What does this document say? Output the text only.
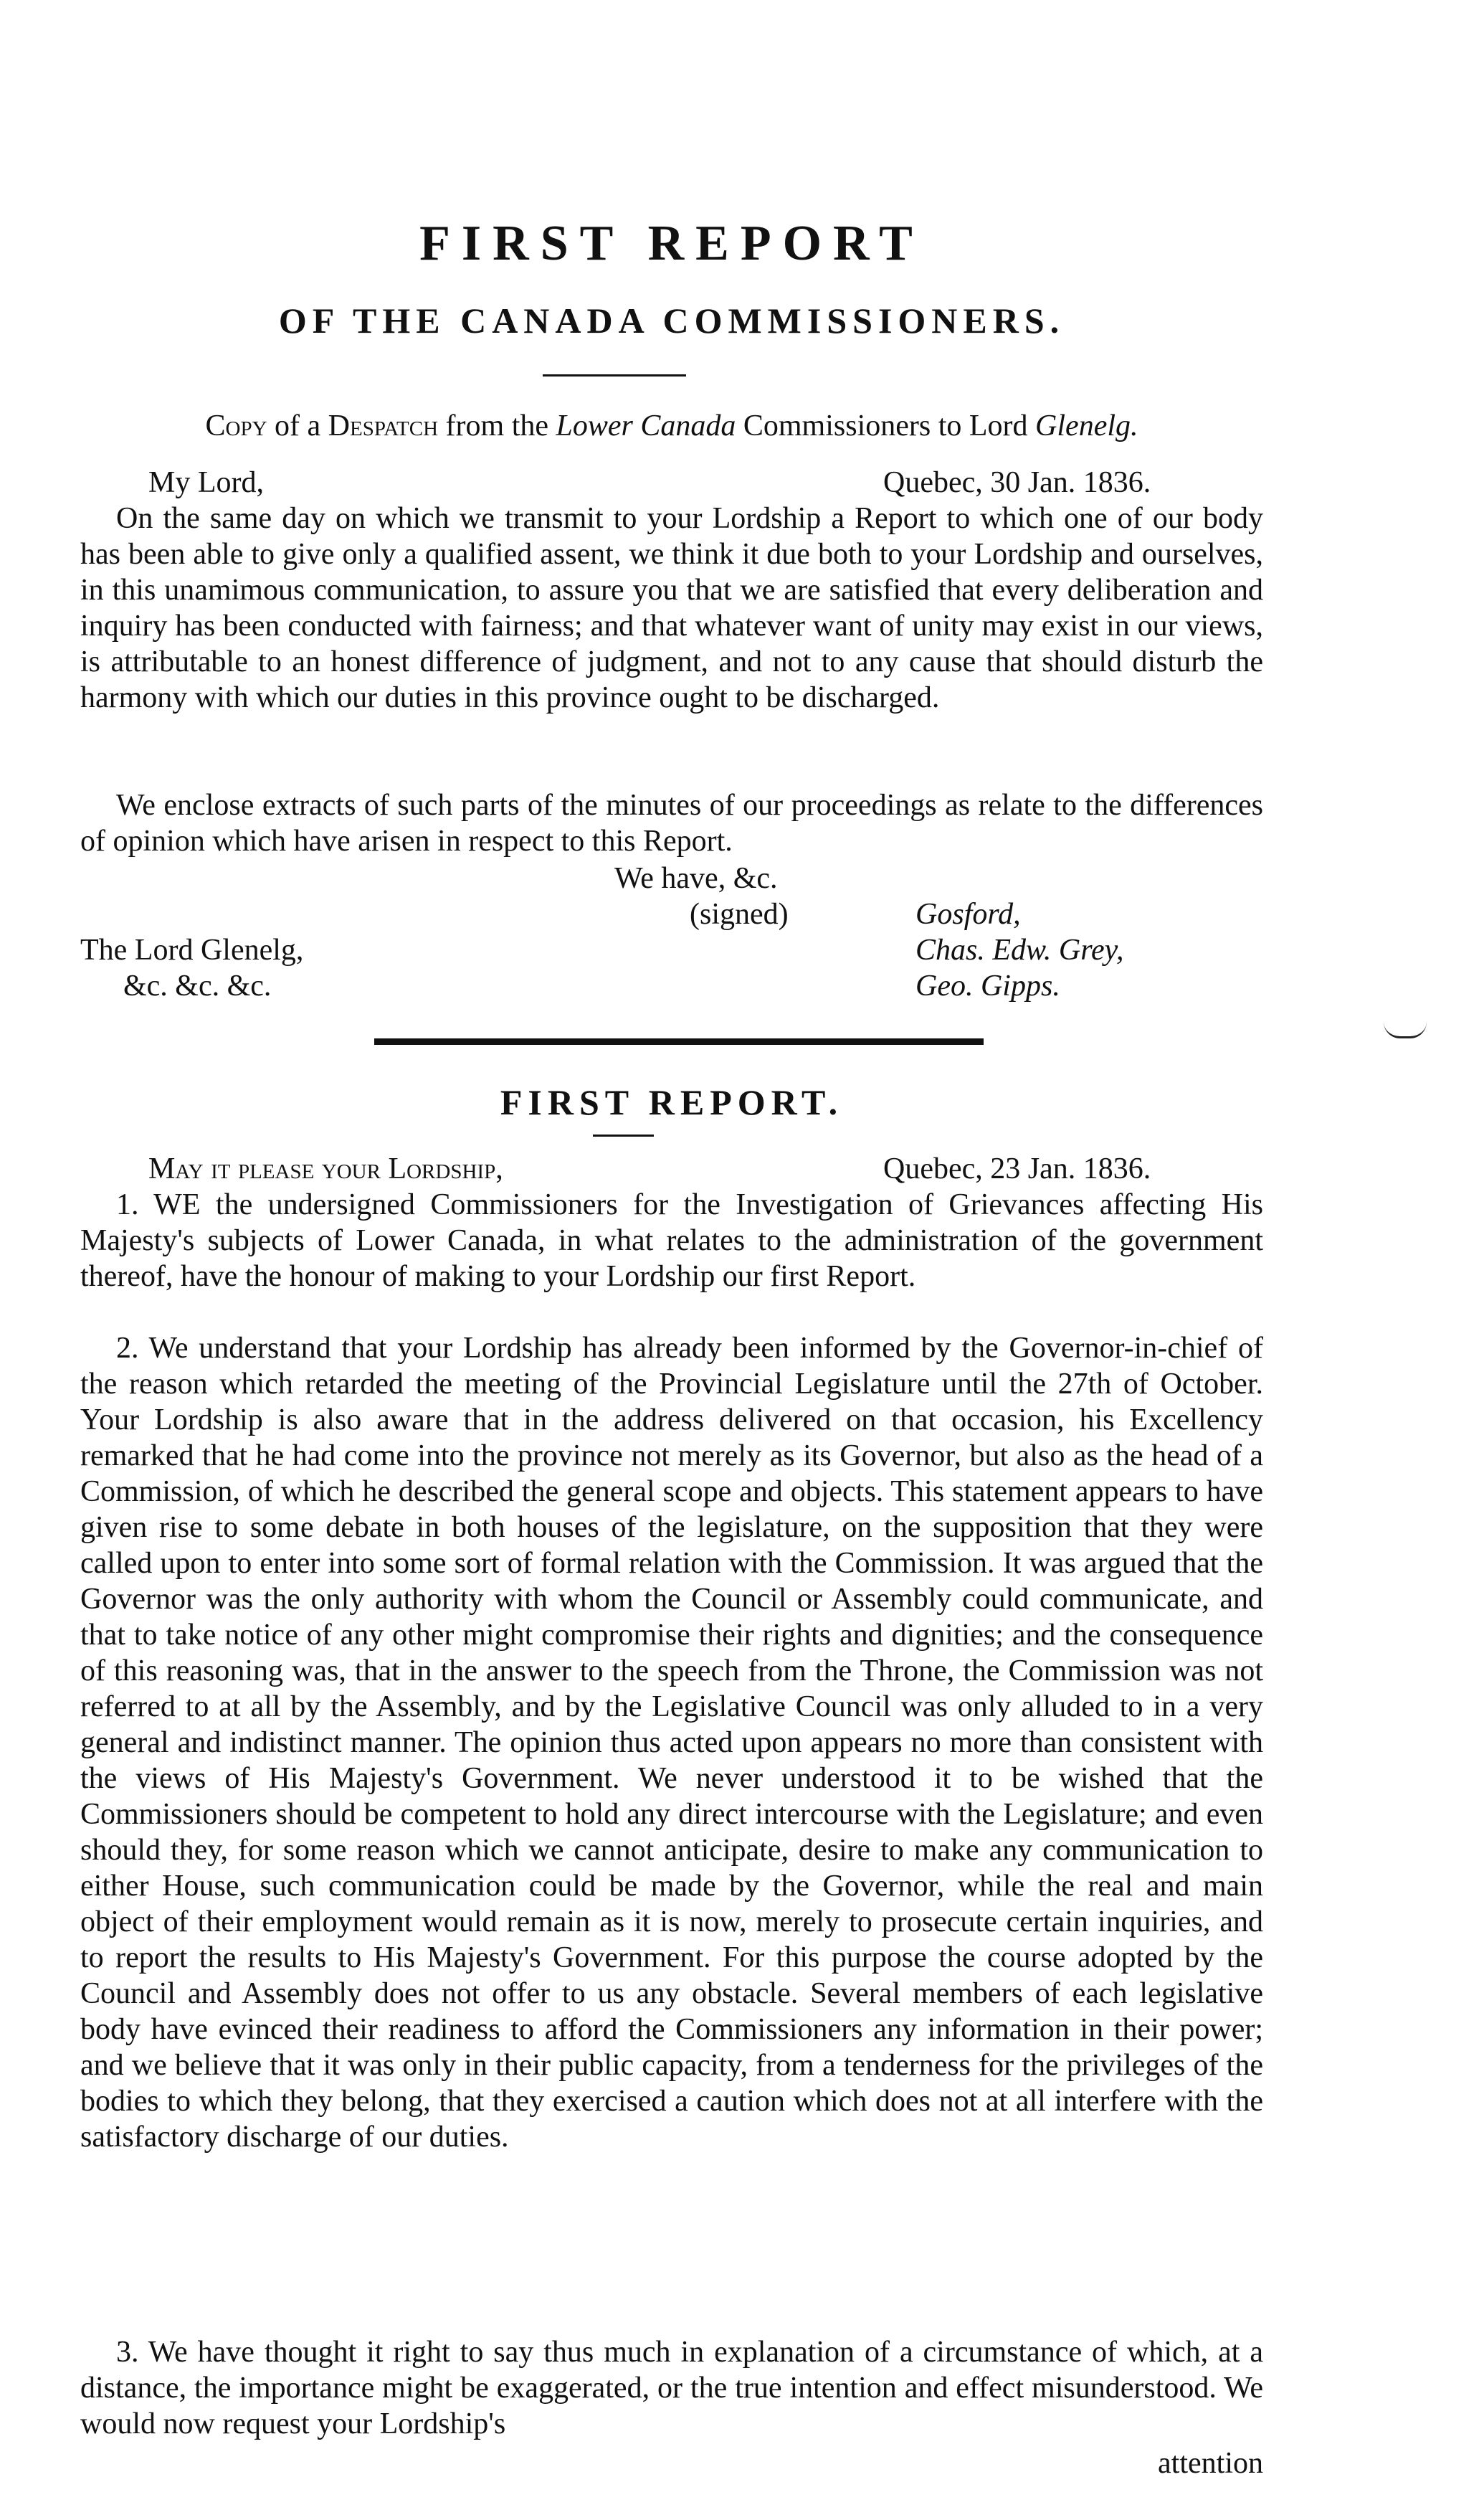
FIRST REPORT
OF THE CANADA COMMISSIONERS.
Copy of a Despatch from the Lower Canada Commissioners to Lord Glenelg.
My Lord,	Quebec, 30 Jan. 1836.

On the same day on which we transmit to your Lordship a Report to which one of our body has been able to give only a qualified assent, we think it due both to your Lordship and ourselves, in this unamimous communication, to assure you that we are satisfied that every deliberation and inquiry has been conducted with fairness; and that whatever want of unity may exist in our views, is attributable to an honest difference of judgment, and not to any cause that should disturb the harmony with which our duties in this province ought to be discharged.

We enclose extracts of such parts of the minutes of our proceedings as relate to the differences of opinion which have arisen in respect to this Report.

We have, &c.
(signed)	Gosford,
The Lord Glenelg,	Chas. Edw. Grey,
&c. &c. &c.	Geo. Gipps.
FIRST REPORT.
May it please your Lordship,	Quebec, 23 Jan. 1836.

1. WE the undersigned Commissioners for the Investigation of Grievances affecting His Majesty's subjects of Lower Canada, in what relates to the administration of the government thereof, have the honour of making to your Lordship our first Report.

2. We understand that your Lordship has already been informed by the Governor-in-chief of the reason which retarded the meeting of the Provincial Legislature until the 27th of October. Your Lordship is also aware that in the address delivered on that occasion, his Excellency remarked that he had come into the province not merely as its Governor, but also as the head of a Commission, of which he described the general scope and objects. This statement appears to have given rise to some debate in both houses of the legislature, on the supposition that they were called upon to enter into some sort of formal relation with the Commission. It was argued that the Governor was the only authority with whom the Council or Assembly could communicate, and that to take notice of any other might compromise their rights and dignities; and the consequence of this reasoning was, that in the answer to the speech from the Throne, the Commission was not referred to at all by the Assembly, and by the Legislative Council was only alluded to in a very general and indistinct manner. The opinion thus acted upon appears no more than consistent with the views of His Majesty's Government. We never understood it to be wished that the Commissioners should be competent to hold any direct intercourse with the Legislature; and even should they, for some reason which we cannot anticipate, desire to make any communication to either House, such communication could be made by the Governor, while the real and main object of their employment would remain as it is now, merely to prosecute certain inquiries, and to report the results to His Majesty's Government. For this purpose the course adopted by the Council and Assembly does not offer to us any obstacle. Several members of each legislative body have evinced their readiness to afford the Commissioners any information in their power; and we believe that it was only in their public capacity, from a tenderness for the privileges of the bodies to which they belong, that they exercised a caution which does not at all interfere with the satisfactory discharge of our duties.

3. We have thought it right to say thus much in explanation of a circumstance of which, at a distance, the importance might be exaggerated, or the true intention and effect misunderstood. We would now request your Lordship's

attention
